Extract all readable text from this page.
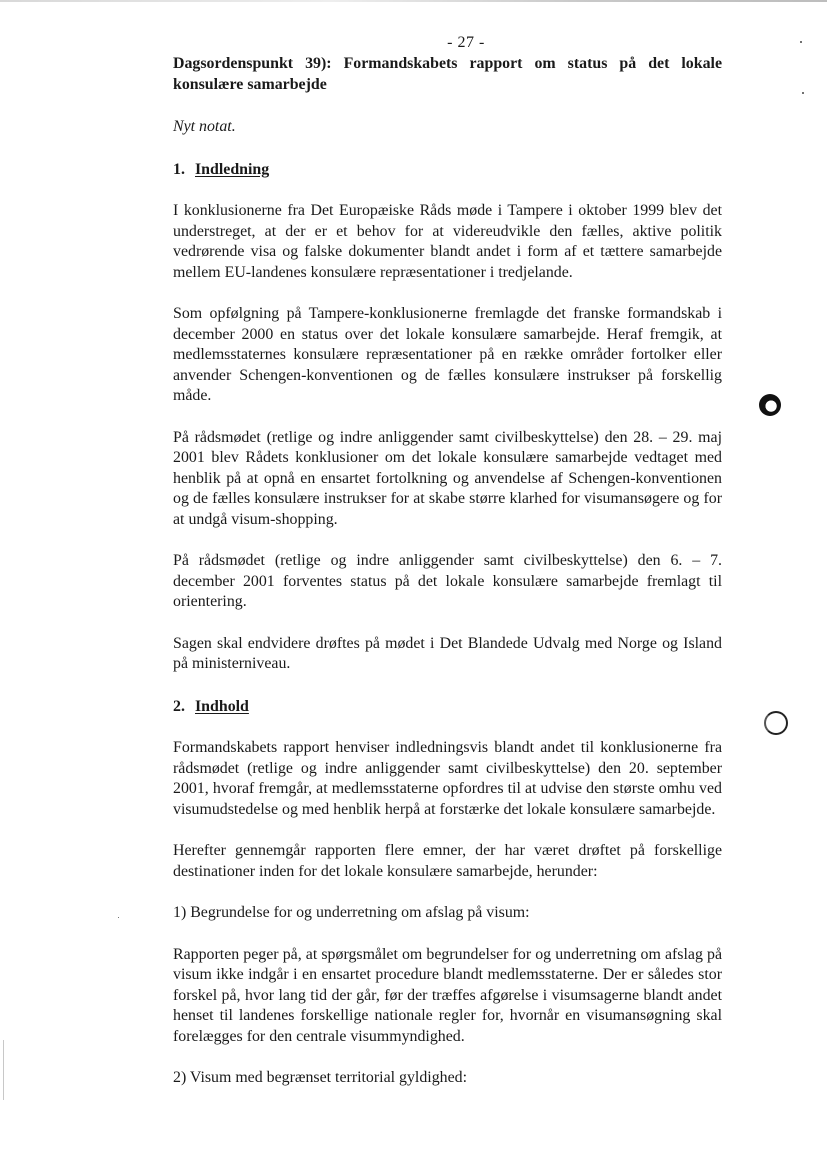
- 27 -

Dagsordenspunkt 39): Formandskabets rapport om status på det lokale konsulære samarbejde

Nyt notat.

1. Indledning

I konklusionerne fra Det Europæiske Råds møde i Tampere i oktober 1999 blev det understreget, at der er et behov for at videreudvikle den fælles, aktive politik vedrørende visa og falske dokumenter blandt andet i form af et tættere samarbejde mellem EU-landenes konsulære repræsentationer i tredjelande.

Som opfølgning på Tampere-konklusionerne fremlagde det franske formandskab i december 2000 en status over det lokale konsulære samarbejde. Heraf fremgik, at medlemsstaternes konsulære repræsentationer på en række områder fortolker eller anvender Schengen-konventionen og de fælles konsulære instrukser på forskellig måde.

På rådsmødet (retlige og indre anliggender samt civilbeskyttelse) den 28. – 29. maj 2001 blev Rådets konklusioner om det lokale konsulære samarbejde vedtaget med henblik på at opnå en ensartet fortolkning og anvendelse af Schengen-konventionen og de fælles konsulære instrukser for at skabe større klarhed for visumansøgere og for at undgå visum-shopping.

På rådsmødet (retlige og indre anliggender samt civilbeskyttelse) den 6. – 7. december 2001 forventes status på det lokale konsulære samarbejde fremlagt til orientering.

Sagen skal endvidere drøftes på mødet i Det Blandede Udvalg med Norge og Island på ministerniveau.

2. Indhold

Formandskabets rapport henviser indledningsvis blandt andet til konklusionerne fra rådsmødet (retlige og indre anliggender samt civilbeskyttelse) den 20. september 2001, hvoraf fremgår, at medlemsstaterne opfordres til at udvise den største omhu ved visumudstedelse og med henblik herpå at forstærke det lokale konsulære samarbejde.

Herefter gennemgår rapporten flere emner, der har været drøftet på forskellige destinationer inden for det lokale konsulære samarbejde, herunder:

1) Begrundelse for og underretning om afslag på visum:

Rapporten peger på, at spørgsmålet om begrundelser for og underretning om afslag på visum ikke indgår i en ensartet procedure blandt medlemsstaterne. Der er således stor forskel på, hvor lang tid der går, før der træffes afgørelse i visumsagerne blandt andet henset til landenes forskellige nationale regler for, hvornår en visumansøgning skal forelægges for den centrale visummyndighed.

2) Visum med begrænset territorial gyldighed:
